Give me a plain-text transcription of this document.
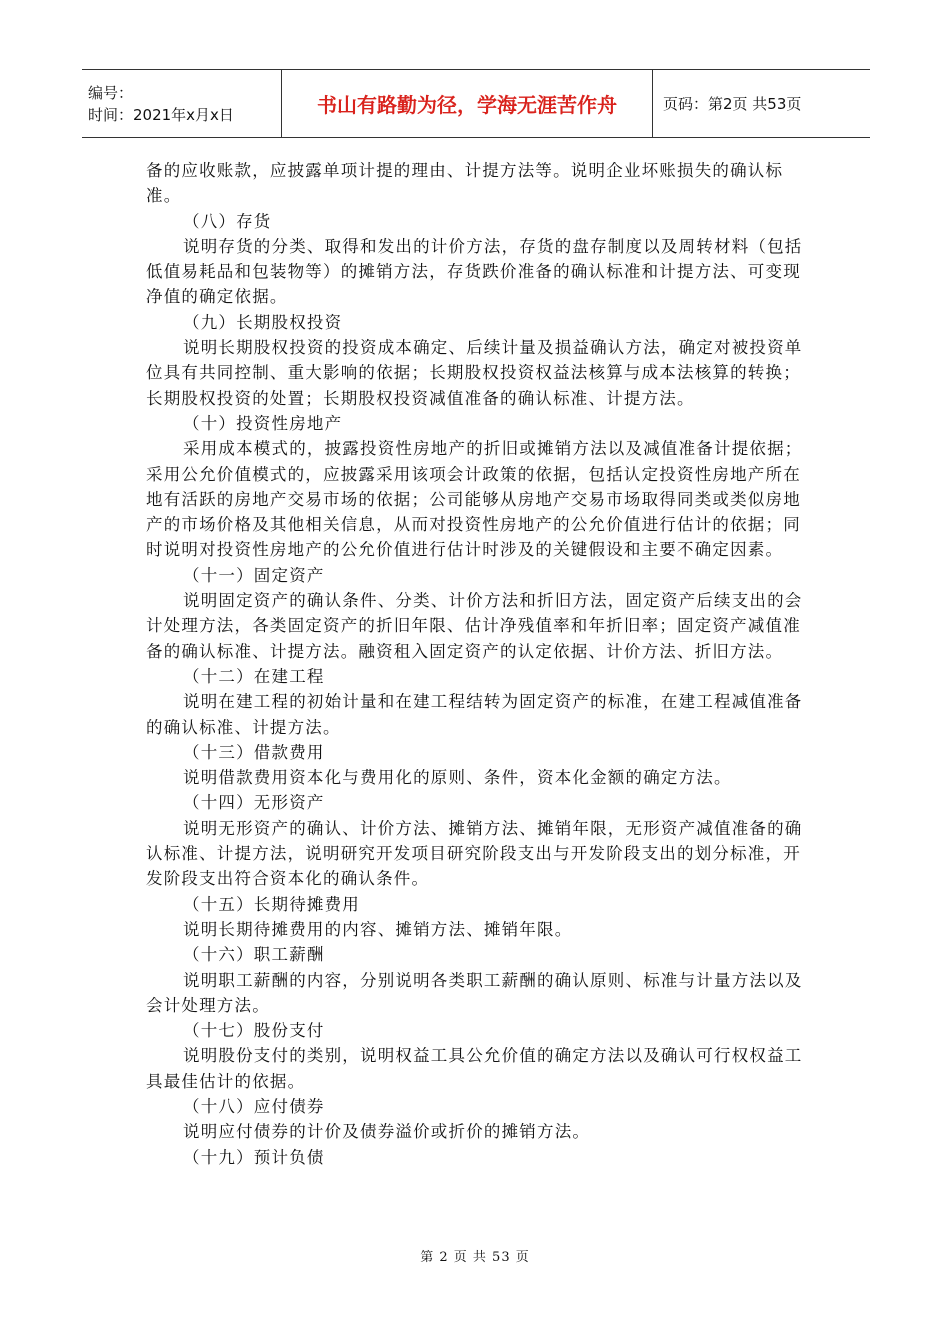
编号：
时间：2021年x月x日	书山有路勤为径，学海无涯苦作舟	页码：第2页 共53页

备的应收账款，应披露单项计提的理由、计提方法等。说明企业坏账损失的确认标准。

（八）存货

说明存货的分类、取得和发出的计价方法，存货的盘存制度以及周转材料（包括低值易耗品和包装物等）的摊销方法，存货跌价准备的确认标准和计提方法、可变现净值的确定依据。

（九）长期股权投资

说明长期股权投资的投资成本确定、后续计量及损益确认方法，确定对被投资单位具有共同控制、重大影响的依据；长期股权投资权益法核算与成本法核算的转换；长期股权投资的处置；长期股权投资减值准备的确认标准、计提方法。

（十）投资性房地产

采用成本模式的，披露投资性房地产的折旧或摊销方法以及减值准备计提依据；采用公允价值模式的，应披露采用该项会计政策的依据，包括认定投资性房地产所在地有活跃的房地产交易市场的依据；公司能够从房地产交易市场取得同类或类似房地产的市场价格及其他相关信息，从而对投资性房地产的公允价值进行估计的依据；同时说明对投资性房地产的公允价值进行估计时涉及的关键假设和主要不确定因素。

（十一）固定资产

说明固定资产的确认条件、分类、计价方法和折旧方法，固定资产后续支出的会计处理方法，各类固定资产的折旧年限、估计净残值率和年折旧率；固定资产减值准备的确认标准、计提方法。融资租入固定资产的认定依据、计价方法、折旧方法。

（十二）在建工程

说明在建工程的初始计量和在建工程结转为固定资产的标准，在建工程减值准备的确认标准、计提方法。

（十三）借款费用

说明借款费用资本化与费用化的原则、条件，资本化金额的确定方法。

（十四）无形资产

说明无形资产的确认、计价方法、摊销方法、摊销年限，无形资产减值准备的确认标准、计提方法，说明研究开发项目研究阶段支出与开发阶段支出的划分标准，开发阶段支出符合资本化的确认条件。

（十五）长期待摊费用

说明长期待摊费用的内容、摊销方法、摊销年限。

（十六）职工薪酬

说明职工薪酬的内容，分别说明各类职工薪酬的确认原则、标准与计量方法以及会计处理方法。

（十七）股份支付

说明股份支付的类别，说明权益工具公允价值的确定方法以及确认可行权权益工具最佳估计的依据。

（十八）应付债券

说明应付债券的计价及债券溢价或折价的摊销方法。

（十九）预计负债

第 2 页 共 53 页
